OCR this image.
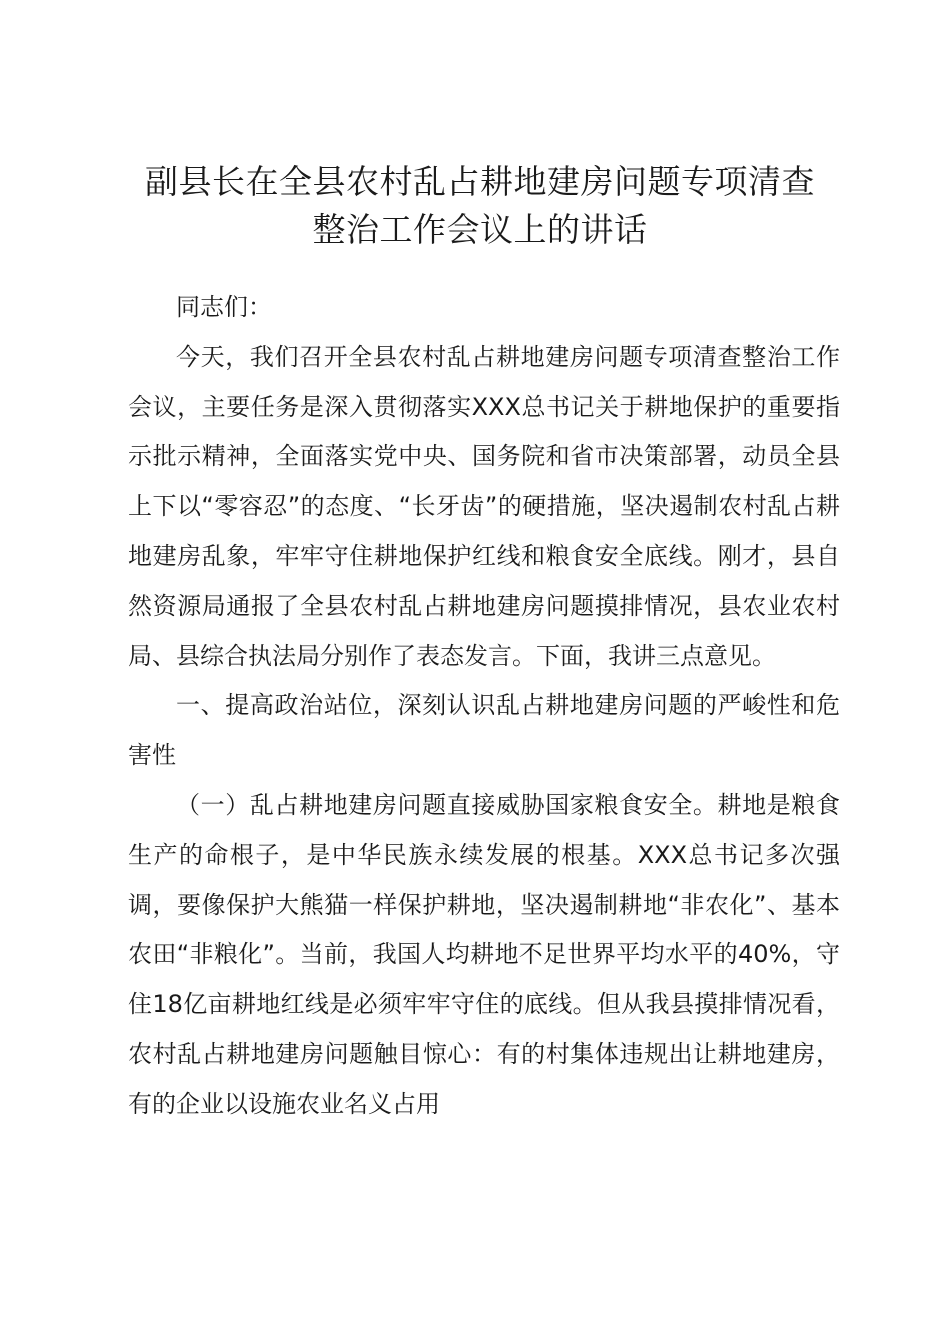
副县长在全县农村乱占耕地建房问题专项清查
整治工作会议上的讲话

同志们：

今天，我们召开全县农村乱占耕地建房问题专项清查整治工作会议，主要任务是深入贯彻落实XXX总书记关于耕地保护的重要指示批示精神，全面落实党中央、国务院和省市决策部署，动员全县上下以“零容忍”的态度、“长牙齿”的硬措施，坚决遏制农村乱占耕地建房乱象，牢牢守住耕地保护红线和粮食安全底线。刚才，县自然资源局通报了全县农村乱占耕地建房问题摸排情况，县农业农村局、县综合执法局分别作了表态发言。下面，我讲三点意见。

一、提高政治站位，深刻认识乱占耕地建房问题的严峻性和危害性

（一）乱占耕地建房问题直接威胁国家粮食安全。耕地是粮食生产的命根子，是中华民族永续发展的根基。XXX总书记多次强调，要像保护大熊猫一样保护耕地，坚决遏制耕地“非农化”、基本农田“非粮化”。当前，我国人均耕地不足世界平均水平的40%，守住18亿亩耕地红线是必须牢牢守住的底线。但从我县摸排情况看，农村乱占耕地建房问题触目惊心：有的村集体违规出让耕地建房，有的企业以设施农业名义占用
